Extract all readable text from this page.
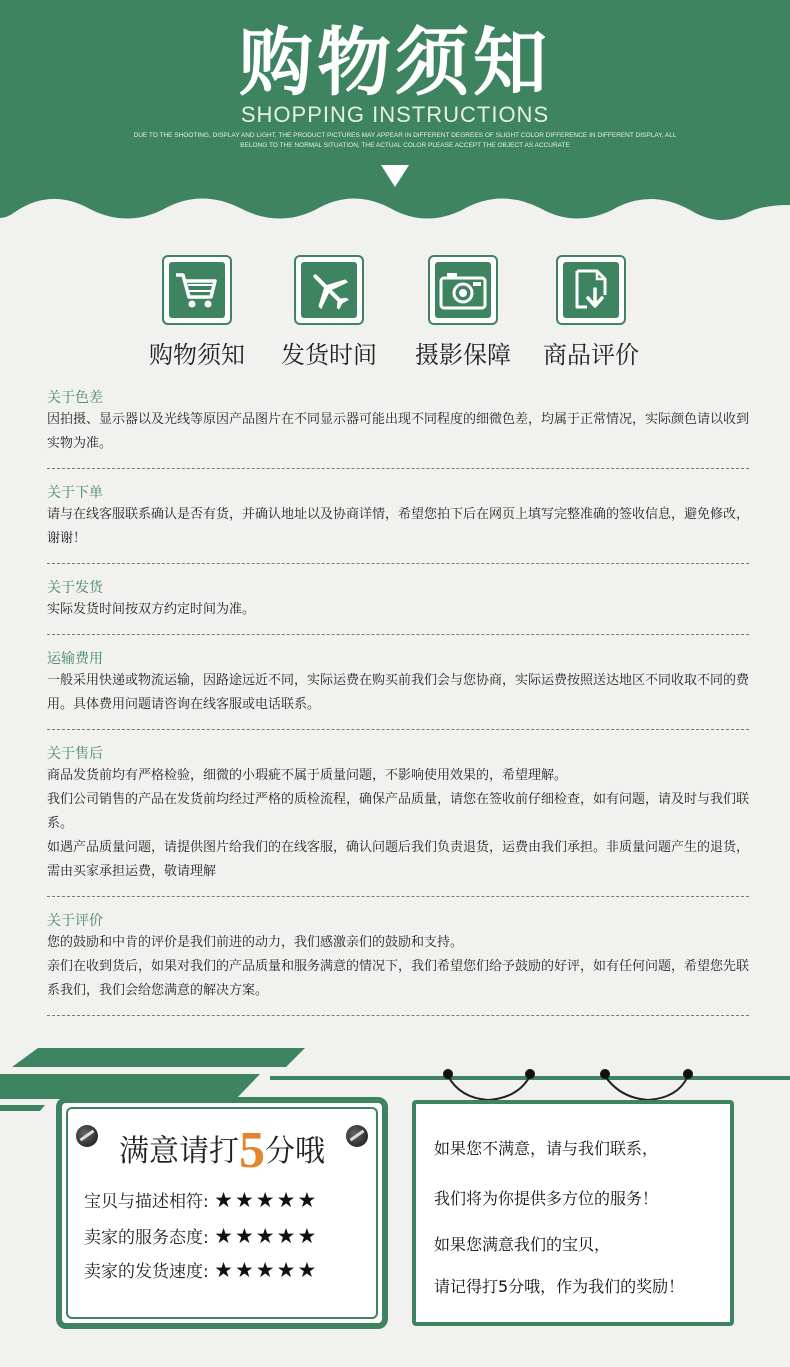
购物须知
SHOPPING INSTRUCTIONS
DUE TO THE SHOOTING, DISPLAY AND LIGHT, THE PRODUCT PICTURES MAY APPEAR IN DIFFERENT DEGREES OF SLIGHT COLOR DIFFERENCE IN DIFFERENT DISPLAY, ALL
BELONG TO THE NORMAL SITUATION, THE ACTUAL COLOR PLEASE ACCEPT THE OBJECT AS ACCURATE
购物须知	发货时间	摄影保障	商品评价
关于色差
因拍摄、显示器以及光线等原因产品图片在不同显示器可能出现不同程度的细微色差，均属于正常情况，实际颜色请以收到实物为准。
关于下单
请与在线客服联系确认是否有货，并确认地址以及协商详情，希望您拍下后在网页上填写完整准确的签收信息，避免修改，谢谢！
关于发货
实际发货时间按双方约定时间为准。
运输费用
一般采用快递或物流运输，因路途远近不同，实际运费在购买前我们会与您协商，实际运费按照送达地区不同收取不同的费用。具体费用问题请咨询在线客服或电话联系。
关于售后
商品发货前均有严格检验，细微的小瑕疵不属于质量问题，不影响使用效果的，希望理解。
我们公司销售的产品在发货前均经过严格的质检流程，确保产品质量，请您在签收前仔细检查，如有问题，请及时与我们联系。
如遇产品质量问题，请提供图片给我们的在线客服，确认问题后我们负责退货，运费由我们承担。非质量问题产生的退货，需由买家承担运费，敬请理解
关于评价
您的鼓励和中肯的评价是我们前进的动力，我们感激亲们的鼓励和支持。
亲们在收到货后，如果对我们的产品质量和服务满意的情况下，我们希望您们给予鼓励的好评，如有任何问题，希望您先联系我们，我们会给您满意的解决方案。
满意请打5分哦
宝贝与描述相符: ★★★★★
卖家的服务态度: ★★★★★
卖家的发货速度: ★★★★★
如果您不满意，请与我们联系，
我们将为你提供多方位的服务！
如果您满意我们的宝贝，
请记得打5分哦，作为我们的奖励！
